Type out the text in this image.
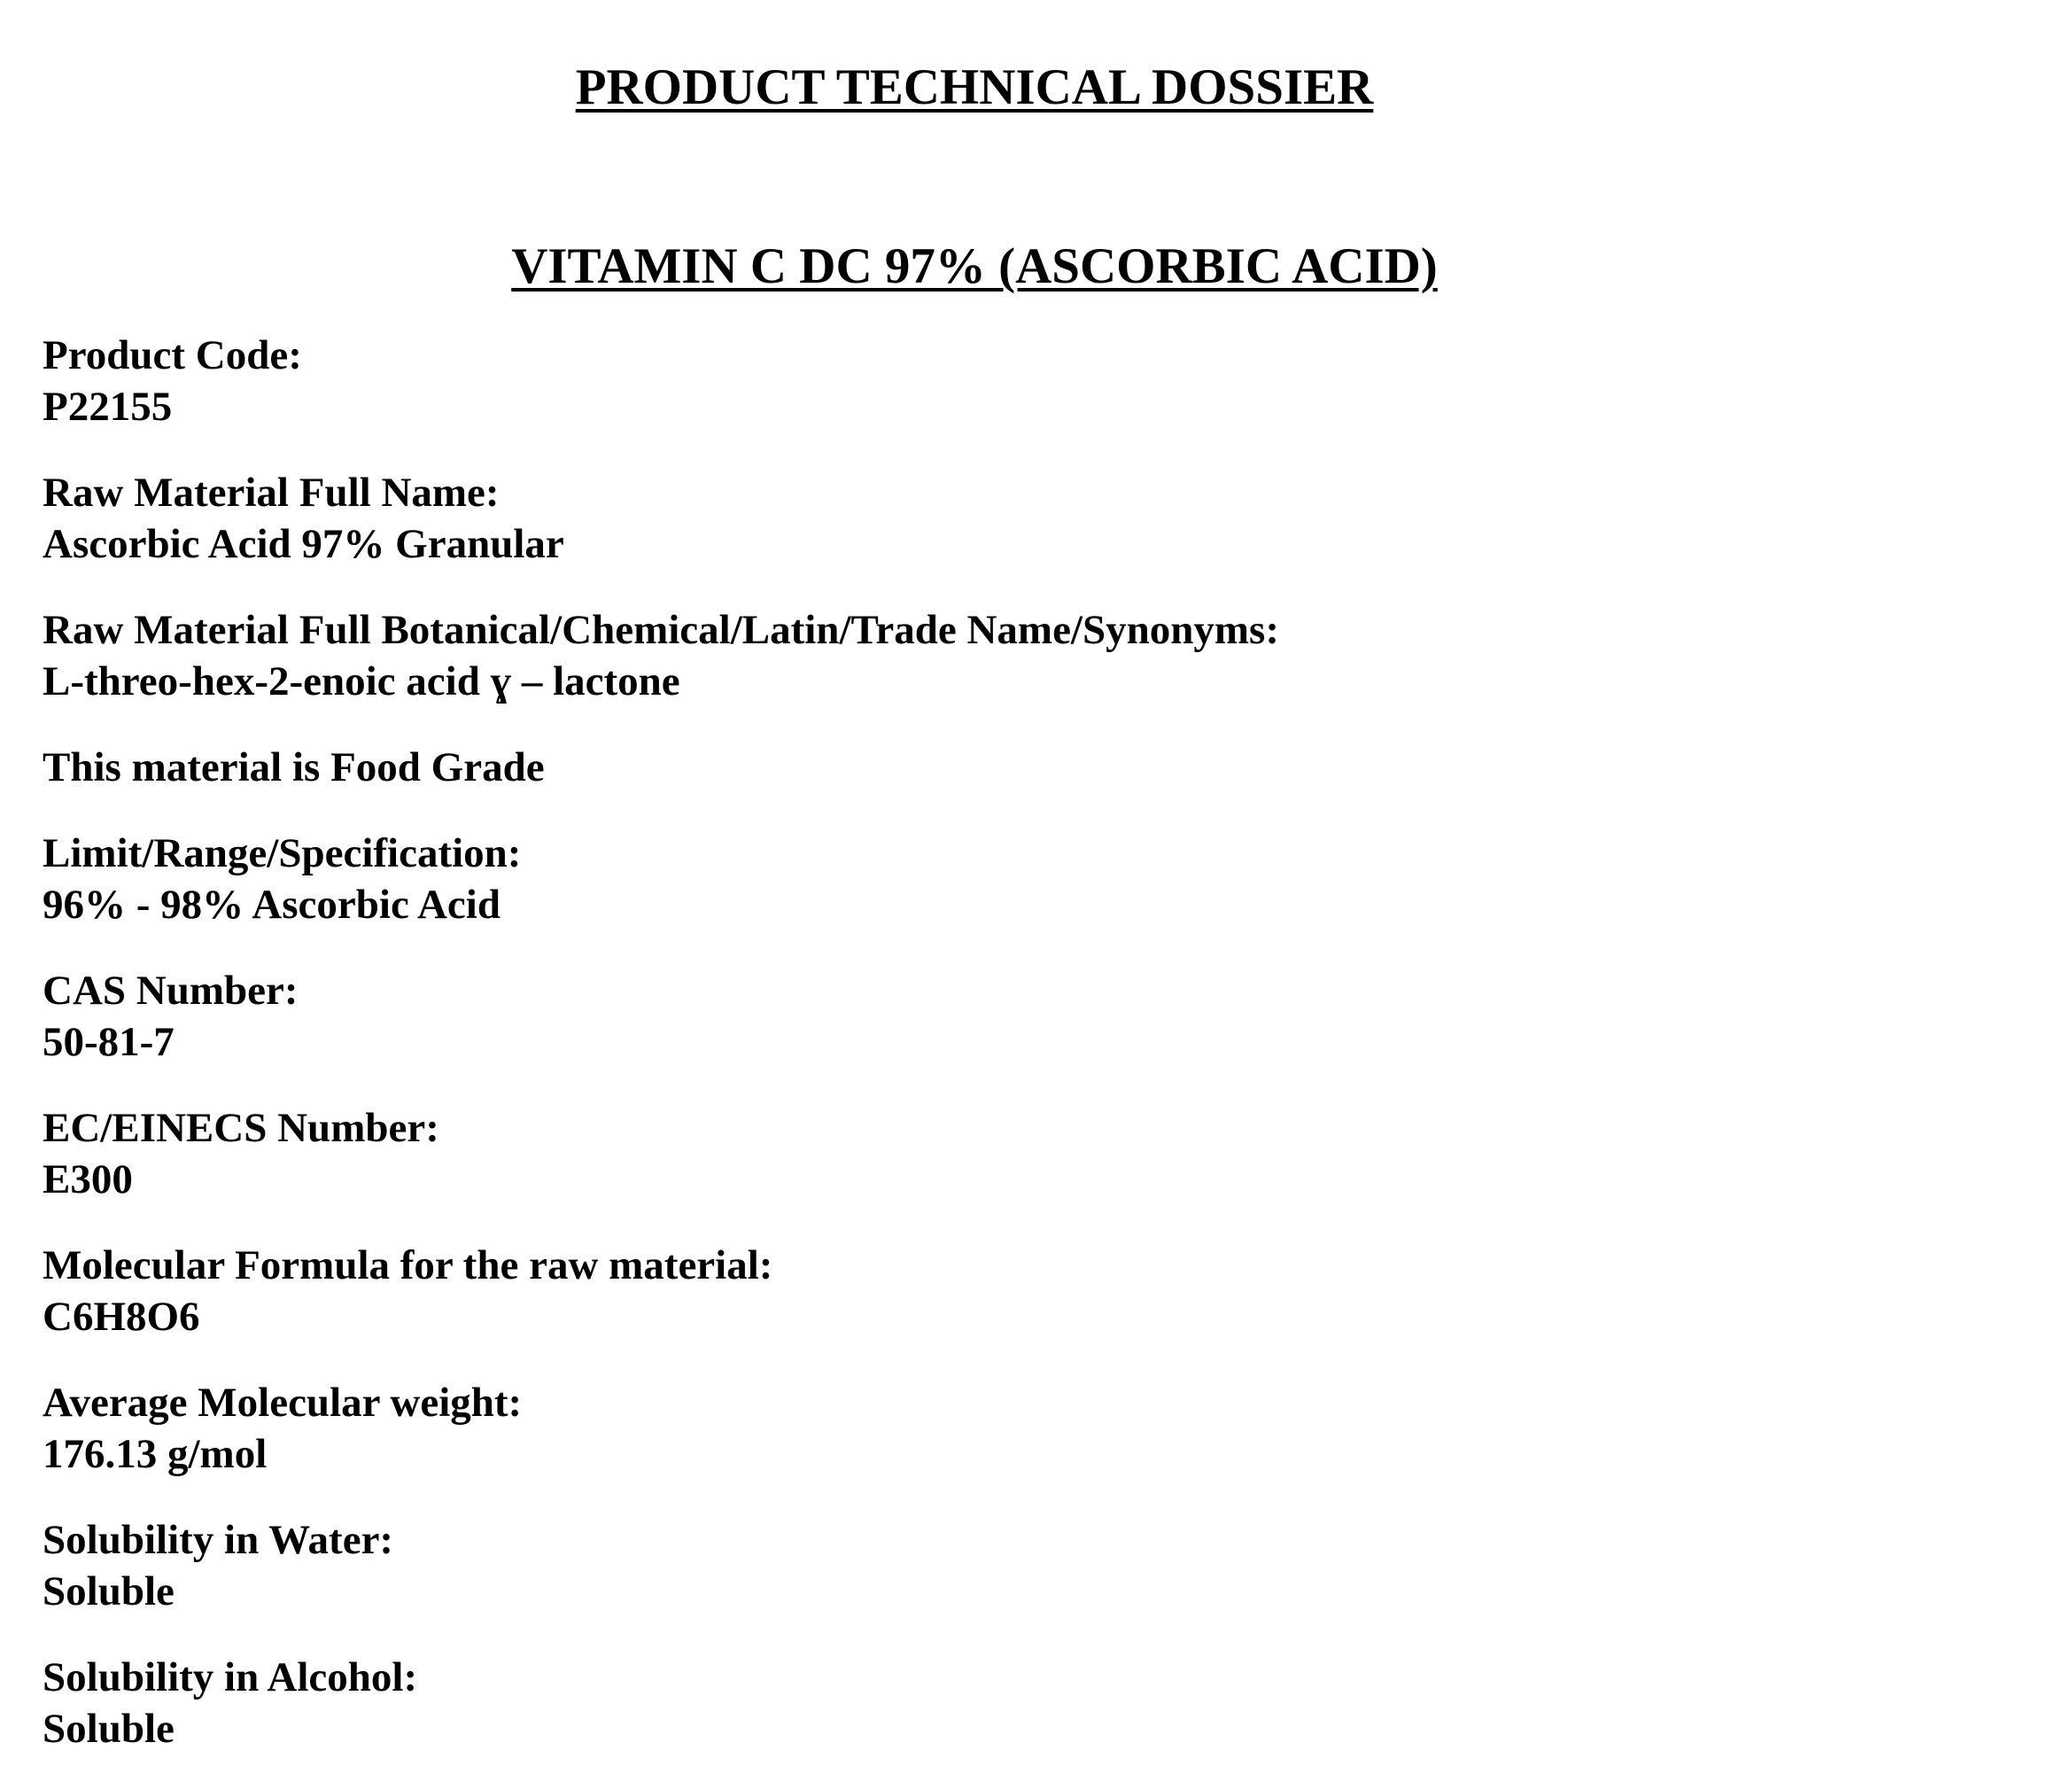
PRODUCT TECHNICAL DOSSIER
VITAMIN C DC 97% (ASCORBIC ACID)
Product Code:
P22155
Raw Material Full Name:
Ascorbic Acid 97% Granular
Raw Material Full Botanical/Chemical/Latin/Trade Name/Synonyms:
L-threo-hex-2-enoic acid ɣ – lactone
This material is Food Grade
Limit/Range/Specification:
96% - 98% Ascorbic Acid
CAS Number:
50-81-7
EC/EINECS Number:
E300
Molecular Formula for the raw material:
C6H8O6
Average Molecular weight:
176.13 g/mol
Solubility in Water:
Soluble
Solubility in Alcohol:
Soluble
